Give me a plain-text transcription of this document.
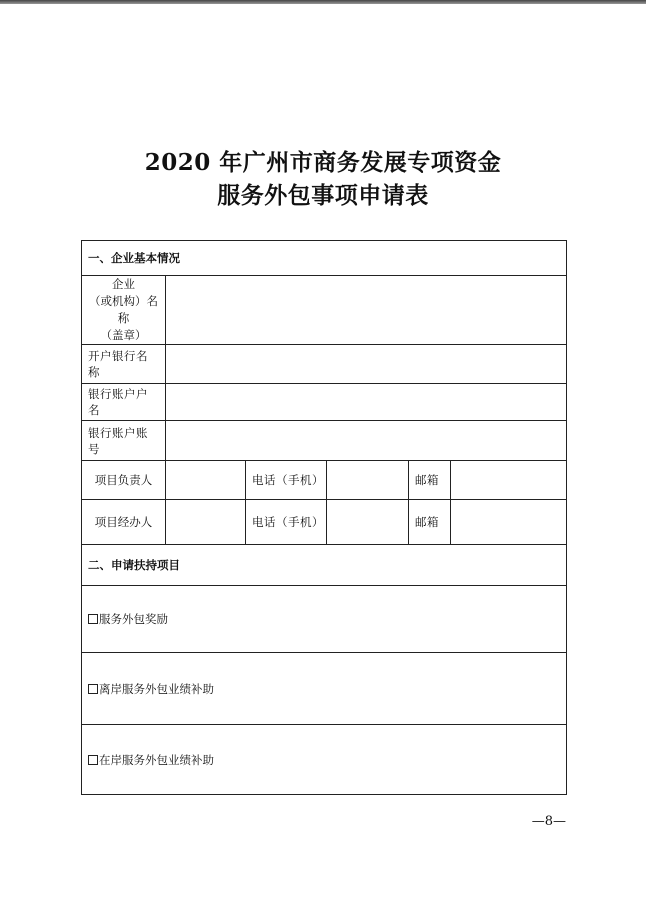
2020 年广州市商务发展专项资金
服务外包事项申请表
一、企业基本情况					

企业
（或机构）名称
（盖章）					

开户银行名称					
银行账户户名					
银行账户账号					
项目负责人		电话（手机）		邮箱	
项目经办人		电话（手机）		邮箱	
二、申请扶持项目					
服务外包奖励					
离岸服务外包业绩补助					
在岸服务外包业绩补助					
—8—
